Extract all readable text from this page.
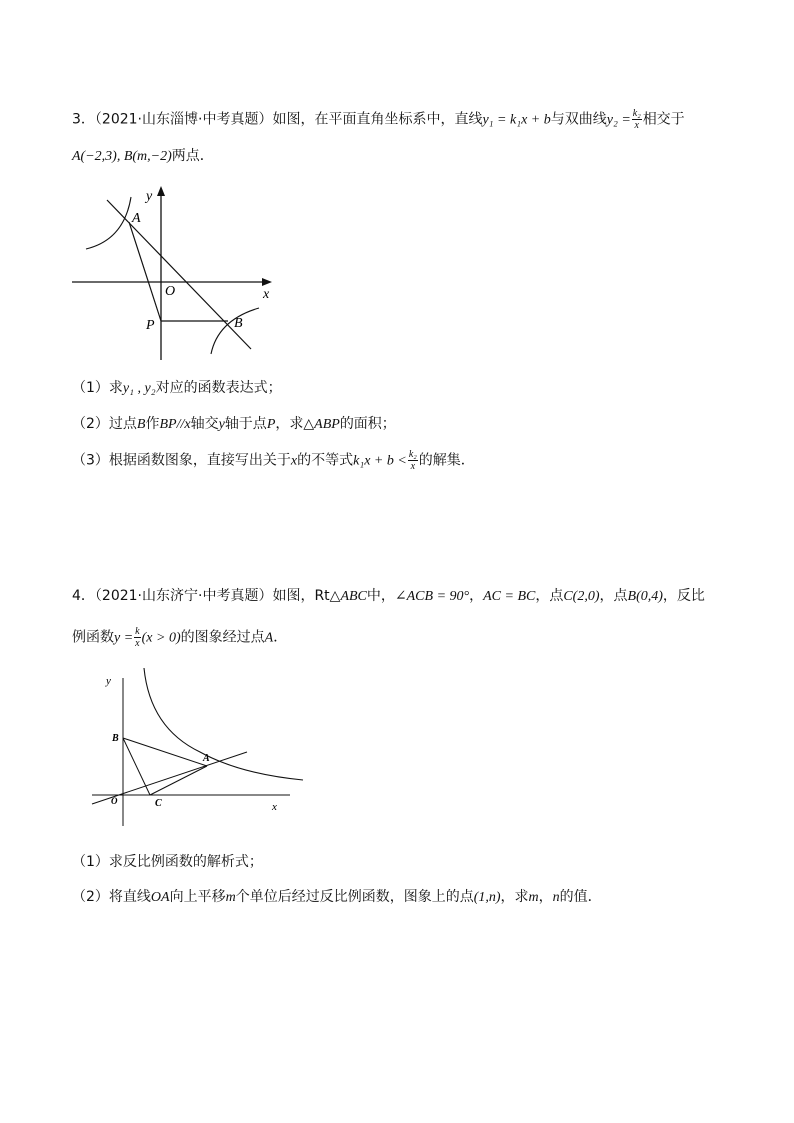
3．（2021·山东淄博·中考真题）如图，在平面直角坐标系中，直线y₁ = k₁x + b与双曲线$y_2 = \frac{\text{k₂}}{x}$ 相交于
A(−2,3), B(m,−2)两点．
y
x
A
O
P	B
（1）求y₁ , y₂对应的函数表达式；
（2）过点B作BP//x轴交y轴于点P，求△ABP的面积；
（3）根据函数图象，直接写出关于x的不等式$k_1x + b < \frac{\text{k₂}}{x}$ 的解集．
4．（2021·山东济宁·中考真题）如图，Rt△ABC中，∠ACB = 90°，AC = BC，点C(2,0)，点B(0,4)，反比
例函数$y = \frac{k}{x} (x > 0)$的图象经过点A．
y
x
B
A
O	C
（1）求反比例函数的解析式；
（2）将直线OA向上平移m个单位后经过反比例函数，图象上的点(1,n)，求m，n的值．
